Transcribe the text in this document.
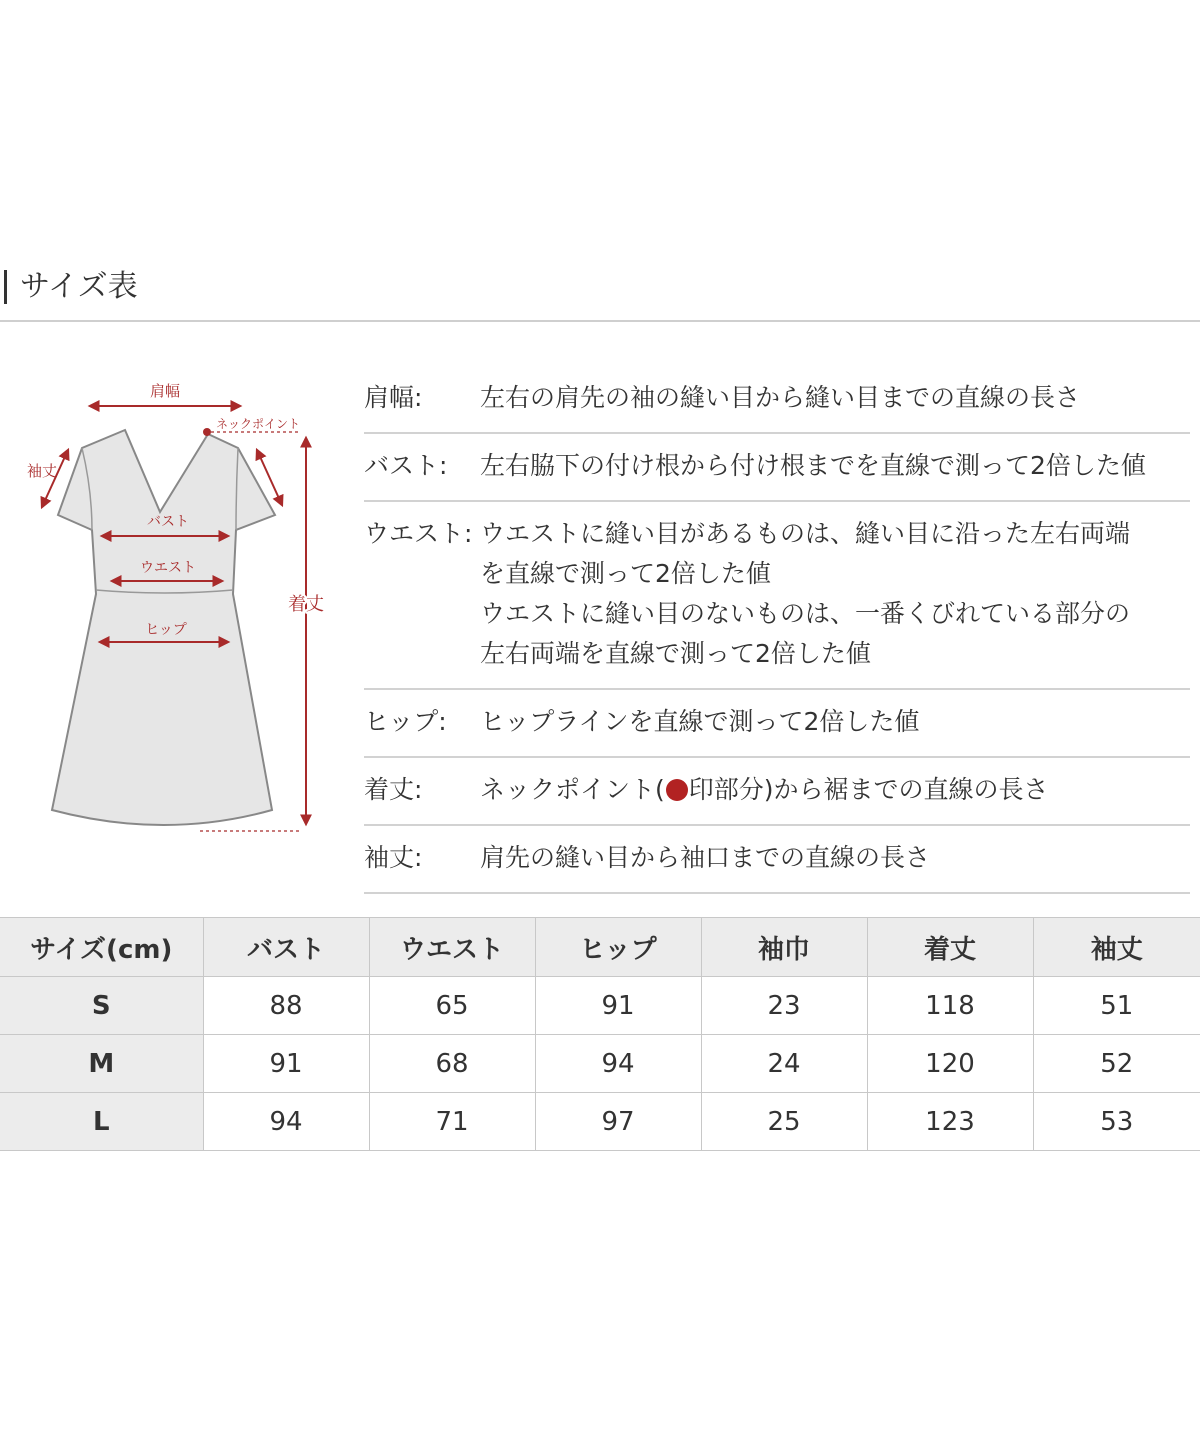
サイズ表
肩幅
ネックポイント
袖丈
バスト
ウエスト
ヒップ
着丈
肩幅:	左右の肩先の袖の縫い目から縫い目までの直線の長さ
バスト:	左右脇下の付け根から付け根までを直線で測って2倍した値
ウエスト: ウエストに縫い目があるものは、縫い目に沿った左右両端
を直線で測って2倍した値
ウエストに縫い目のないものは、一番くびれている部分の
左右両端を直線で測って2倍した値
ヒップ:	ヒップラインを直線で測って2倍した値
着丈:	ネックポイント( 印部分)から裾までの直線の長さ
袖丈:	肩先の縫い目から袖口までの直線の長さ
サイズ(cm)	バスト	ウエスト	ヒップ	袖巾	着丈	袖丈
S	88	65	91	23	118	51
M	91	68	94	24	120	52
L	94	71	97	25	123	53
